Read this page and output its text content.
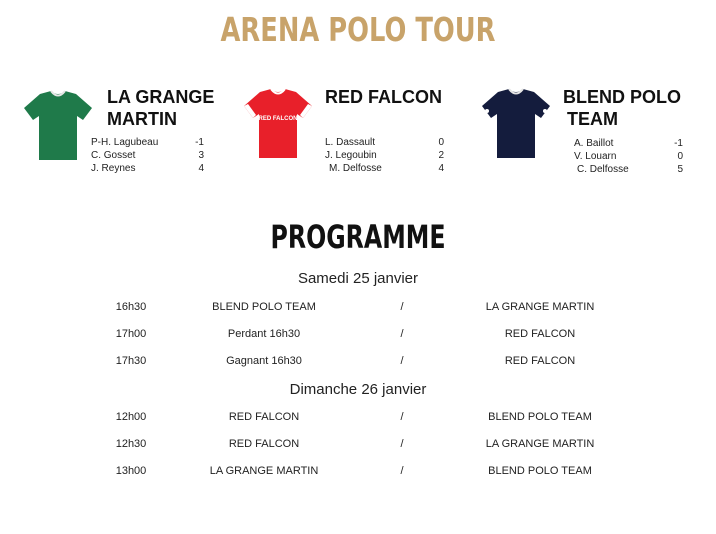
ARENA POLO TOUR
LA GRANGE
MARTIN
P-H. Lagubeau	-1
C. Gosset	3
J. Reynes	4
RED FALCON
RED FALCON
L. Dassault	0
J. Legoubin	2
M. Delfosse	4
BLEND POLO
TEAM
A. Baillot	-1
V. Louarn	0
C. Delfosse	5
PROGRAMME
Samedi 25 janvier
16h30	BLEND POLO TEAM	/	LA GRANGE MARTIN
17h00	Perdant 16h30	/	RED FALCON
17h30	Gagnant 16h30	/	RED FALCON
Dimanche 26 janvier
12h00	RED FALCON	/	BLEND POLO TEAM
12h30	RED FALCON	/	LA GRANGE MARTIN
13h00	LA GRANGE MARTIN	/	BLEND POLO TEAM
